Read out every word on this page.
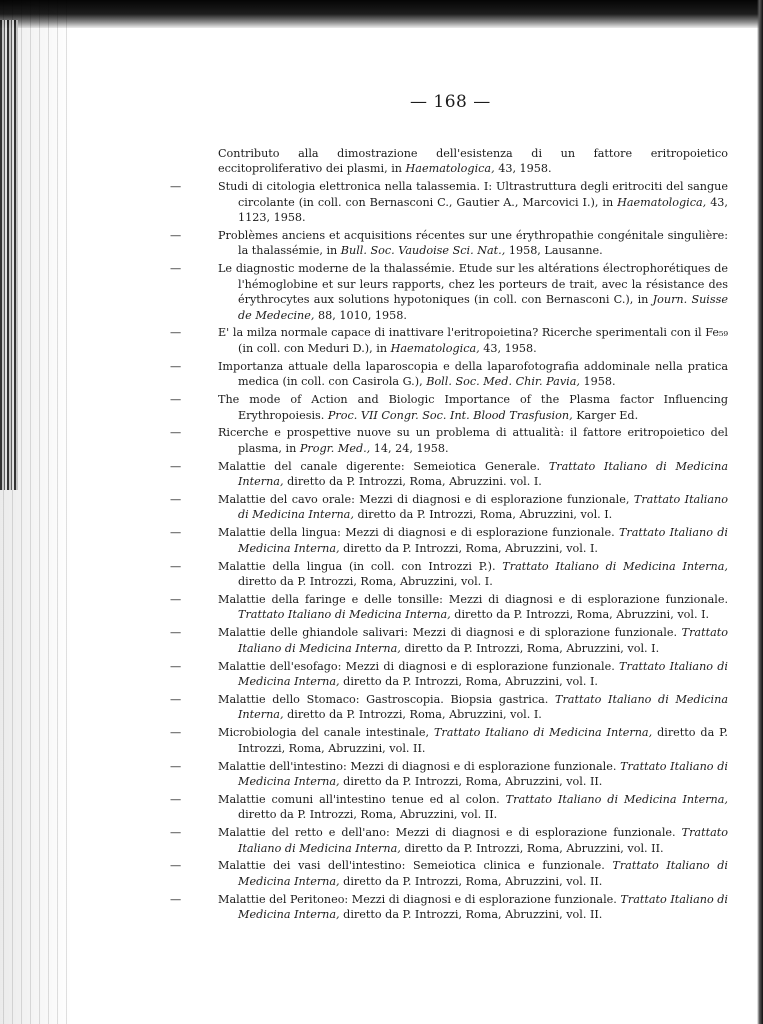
— 168 —
Contributo alla dimostrazione dell'esistenza di un fattore eritropoietico eccitoproliferativo dei plasmi, in Haematologica, 43, 1958.
—	Studi di citologia elettronica nella talassemia. I: Ultrastruttura degli eritrociti del sangue circolante (in coll. con Bernasconi C., Gautier A., Marcovici I.), in Haematologica, 43, 1123, 1958.
—	Problèmes anciens et acquisitions récentes sur une érythropathie congénitale singulière: la thalassémie, in Bull. Soc. Vaudoise Sci. Nat., 1958, Lausanne.
—	Le diagnostic moderne de la thalassémie. Etude sur les altérations électrophorétiques de l'hémoglobine et sur leurs rapports, chez les porteurs de trait, avec la résistance des érythrocytes aux solutions hypotoniques (in coll. con Bernasconi C.), in Journ. Suisse de Medecine, 88, 1010, 1958.
—	E' la milza normale capace di inattivare l'eritropoietina? Ricerche sperimentali con il Fe₅₉ (in coll. con Meduri D.), in Haematologica, 43, 1958.
—	Importanza attuale della laparoscopia e della laparofotografia addominale nella pratica medica (in coll. con Casirola G.), Boll. Soc. Med. Chir. Pavia, 1958.
—	The mode of Action and Biologic Importance of the Plasma factor Influencing Erythropoiesis. Proc. VII Congr. Soc. Int. Blood Trasfusion, Karger Ed.
—	Ricerche e prospettive nuove su un problema di attualità: il fattore eritropoietico del plasma, in Progr. Med., 14, 24, 1958.
—	Malattie del canale digerente: Semeiotica Generale. Trattato Italiano di Medicina Interna, diretto da P. Introzzi, Roma, Abruzzini. vol. I.
—	Malattie del cavo orale: Mezzi di diagnosi e di esplorazione funzionale, Trattato Italiano di Medicina Interna, diretto da P. Introzzi, Roma, Abruzzini, vol. I.
—	Malattie della lingua: Mezzi di diagnosi e di esplorazione funzionale. Trattato Italiano di Medicina Interna, diretto da P. Introzzi, Roma, Abruzzini, vol. I.
—	Malattie della lingua (in coll. con Introzzi P.). Trattato Italiano di Medicina Interna, diretto da P. Introzzi, Roma, Abruzzini, vol. I.
—	Malattie della faringe e delle tonsille: Mezzi di diagnosi e di esplorazione funzionale. Trattato Italiano di Medicina Interna, diretto da P. Introzzi, Roma, Abruzzini, vol. I.
—	Malattie delle ghiandole salivari: Mezzi di diagnosi e di splorazione funzionale. Trattato Italiano di Medicina Interna, diretto da P. Introzzi, Roma, Abruzzini, vol. I.
—	Malattie dell'esofago: Mezzi di diagnosi e di esplorazione funzionale. Trattato Italiano di Medicina Interna, diretto da P. Introzzi, Roma, Abruzzini, vol. I.
—	Malattie dello Stomaco: Gastroscopia. Biopsia gastrica. Trattato Italiano di Medicina Interna, diretto da P. Introzzi, Roma, Abruzzini, vol. I.
—	Microbiologia del canale intestinale, Trattato Italiano di Medicina Interna, diretto da P. Introzzi, Roma, Abruzzini, vol. II.
—	Malattie dell'intestino: Mezzi di diagnosi e di esplorazione funzionale. Trattato Italiano di Medicina Interna, diretto da P. Introzzi, Roma, Abruzzini, vol. II.
—	Malattie comuni all'intestino tenue ed al colon. Trattato Italiano di Medicina Interna, diretto da P. Introzzi, Roma, Abruzzini, vol. II.
—	Malattie del retto e dell'ano: Mezzi di diagnosi e di esplorazione funzionale. Trattato Italiano di Medicina Interna, diretto da P. Introzzi, Roma, Abruzzini, vol. II.
—	Malattie dei vasi dell'intestino: Semeiotica clinica e funzionale. Trattato Italiano di Medicina Interna, diretto da P. Introzzi, Roma, Abruzzini, vol. II.
—	Malattie del Peritoneo: Mezzi di diagnosi e di esplorazione funzionale. Trattato Italiano di Medicina Interna, diretto da P. Introzzi, Roma, Abruzzini, vol. II.
